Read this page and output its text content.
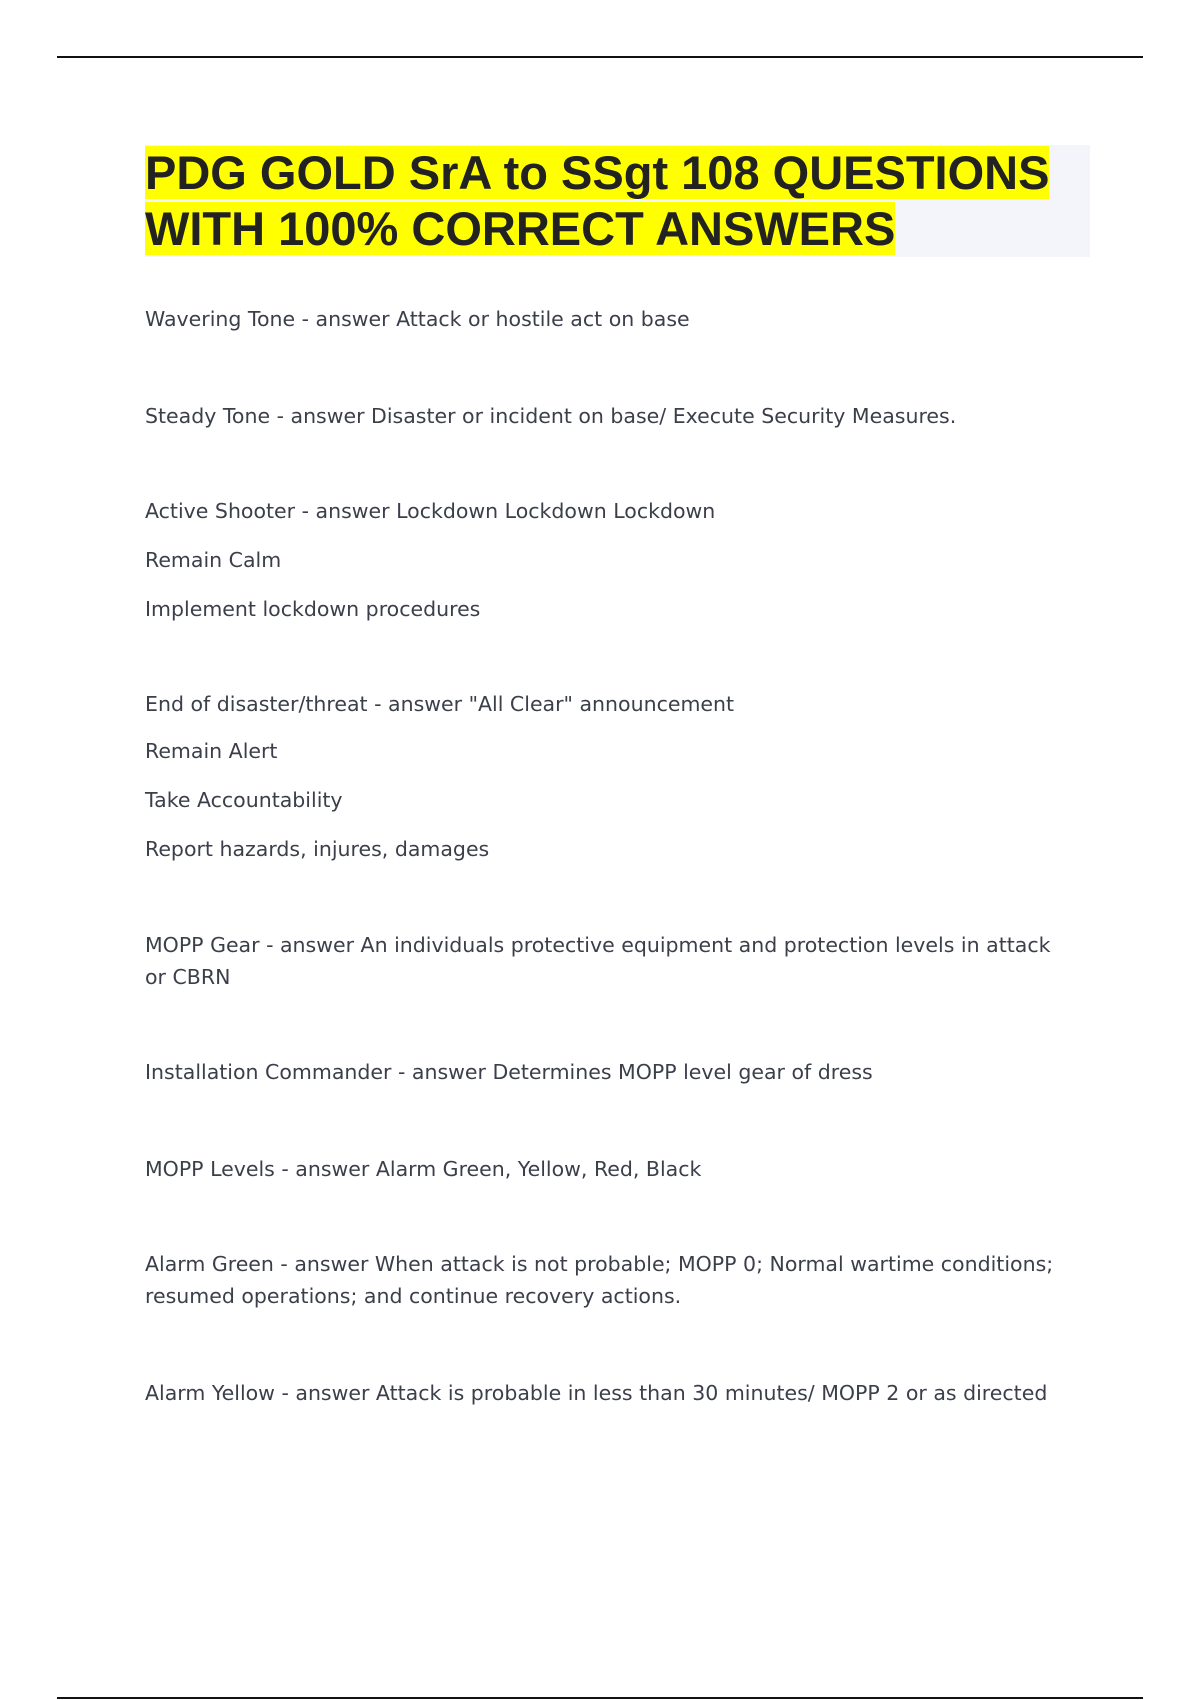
PDG GOLD SrA to SSgt 108 QUESTIONS WITH 100% CORRECT ANSWERS
Wavering Tone - answer Attack or hostile act on base
Steady Tone - answer Disaster or incident on base/ Execute Security Measures.
Active Shooter - answer Lockdown Lockdown Lockdown
Remain Calm
Implement lockdown procedures
End of disaster/threat - answer "All Clear" announcement
Remain Alert
Take Accountability
Report hazards, injures, damages
MOPP Gear - answer An individuals protective equipment and protection levels in attack or CBRN
Installation Commander - answer Determines MOPP level gear of dress
MOPP Levels - answer Alarm Green, Yellow, Red, Black
Alarm Green - answer When attack is not probable; MOPP 0; Normal wartime conditions; resumed operations; and continue recovery actions.
Alarm Yellow - answer Attack is probable in less than 30 minutes/ MOPP 2 or as directed
